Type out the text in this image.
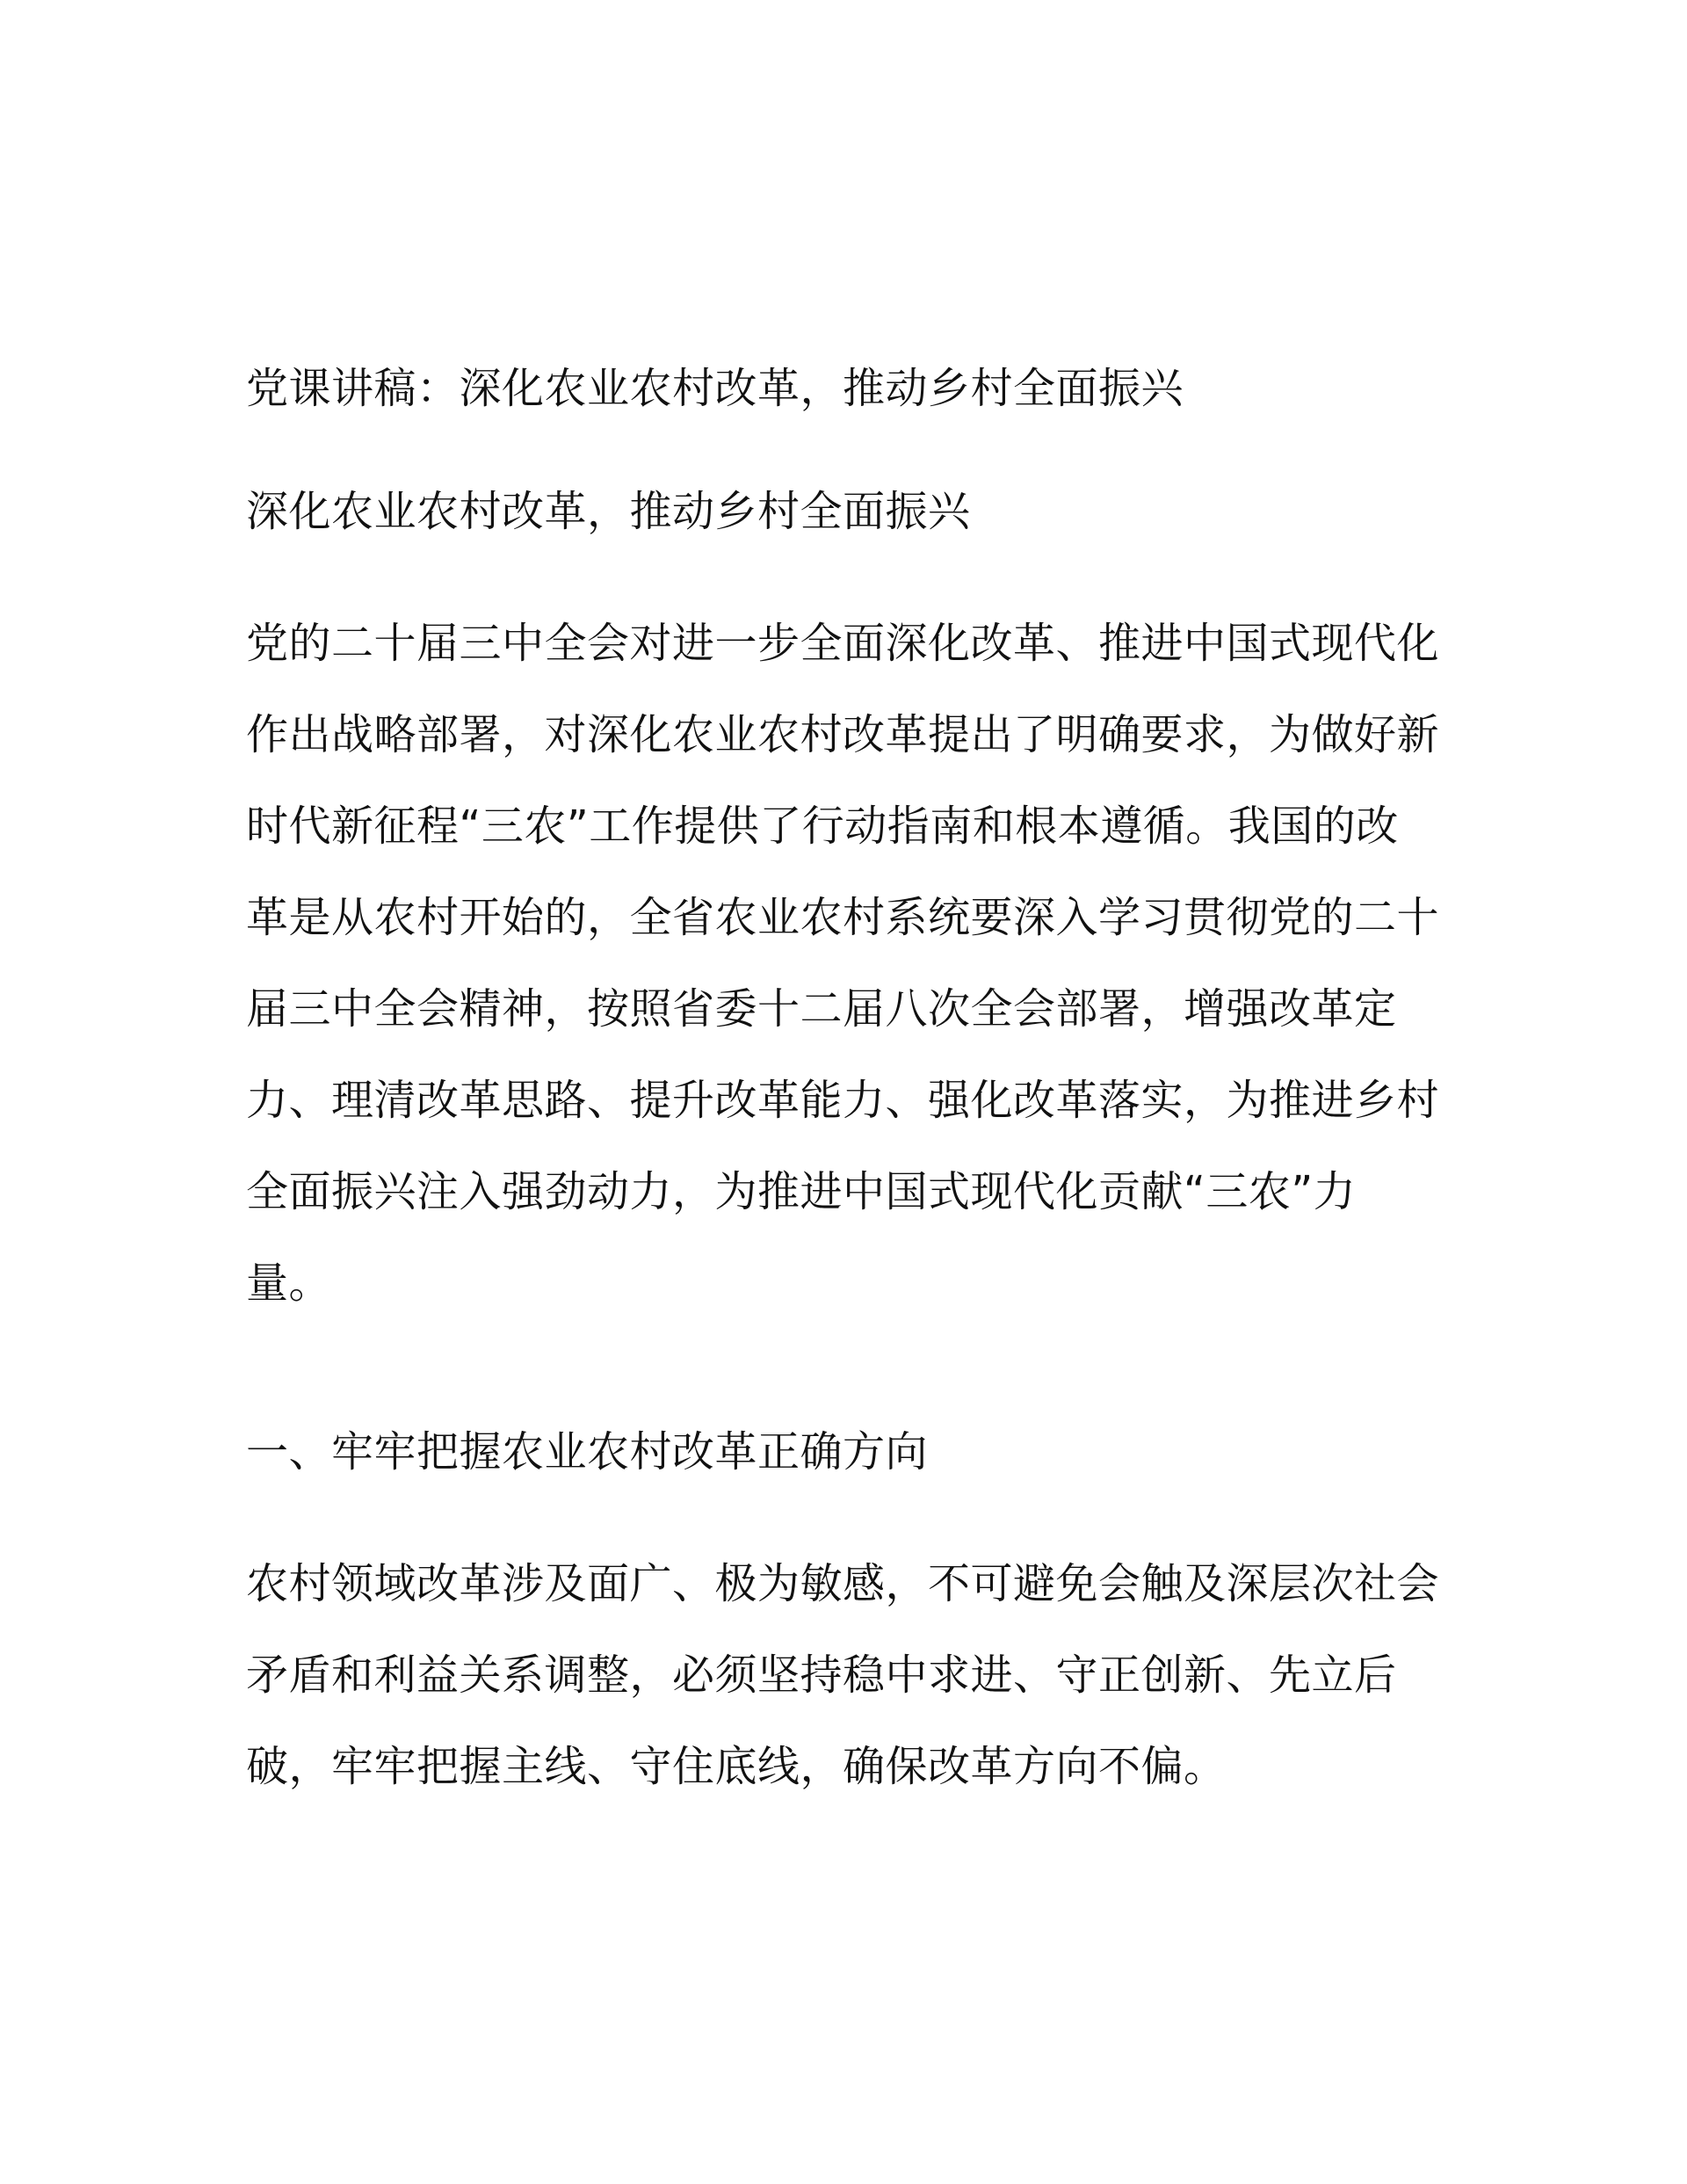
党课讲稿：深化农业农村改革，推动乡村全面振兴

深化农业农村改革，推动乡村全面振兴

党的二十届三中全会对进一步全面深化改革、推进中国式现代化作出战略部署，对深化农业农村改革提出了明确要求，为做好新时代新征程“三农”工作提供了行动指南和根本遵循。我国的改革是从农村开始的，全省农业农村系统要深入学习贯彻党的二十届三中全会精神，按照省委十二届八次全会部署，增强改革定力、理清改革思路、提升改革能力、强化改革落实，为推进乡村全面振兴注入强劲动力，为推进中国式现代化贡献“三农”力量。

一、牢牢把握农业农村改革正确方向

农村领域改革涉及面广、极为敏感，不可避免会触及深层次社会矛盾和利益关系调整，必须坚持稳中求进、守正创新、先立后破，牢牢把握主线、守住底线，确保改革方向不偏。
